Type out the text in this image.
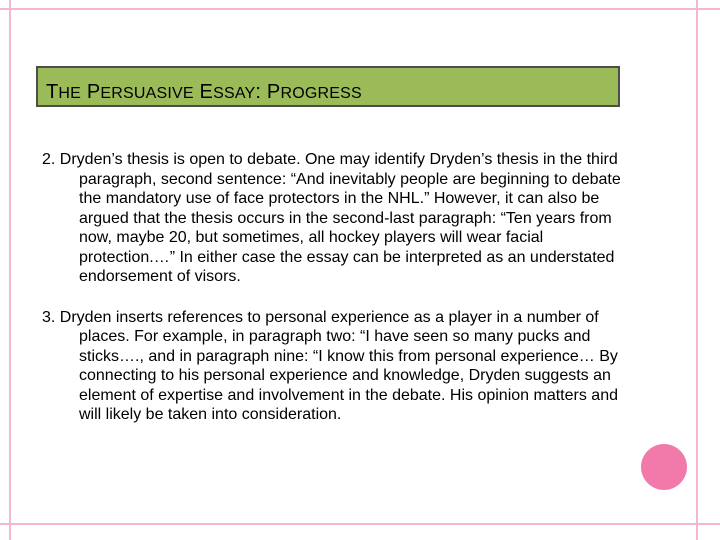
THE PERSUASIVE ESSAY: PROGRESS

2. Dryden’s thesis is open to debate. One may identify Dryden’s thesis in the third paragraph, second sentence: “And inevitably people are beginning to debate the mandatory use of face protectors in the NHL.” However, it can also be argued that the thesis occurs in the second-last paragraph: “Ten years from now, maybe 20, but sometimes, all hockey players will wear facial protection.…” In either case the essay can be interpreted as an understated endorsement of visors.

3. Dryden inserts references to personal experience as a player in a number of places. For example, in paragraph two: “I have seen so many pucks and sticks…., and in paragraph nine: “I know this from personal experience… By connecting to his personal experience and knowledge, Dryden suggests an element of expertise and involvement in the debate. His opinion matters and will likely be taken into consideration.
